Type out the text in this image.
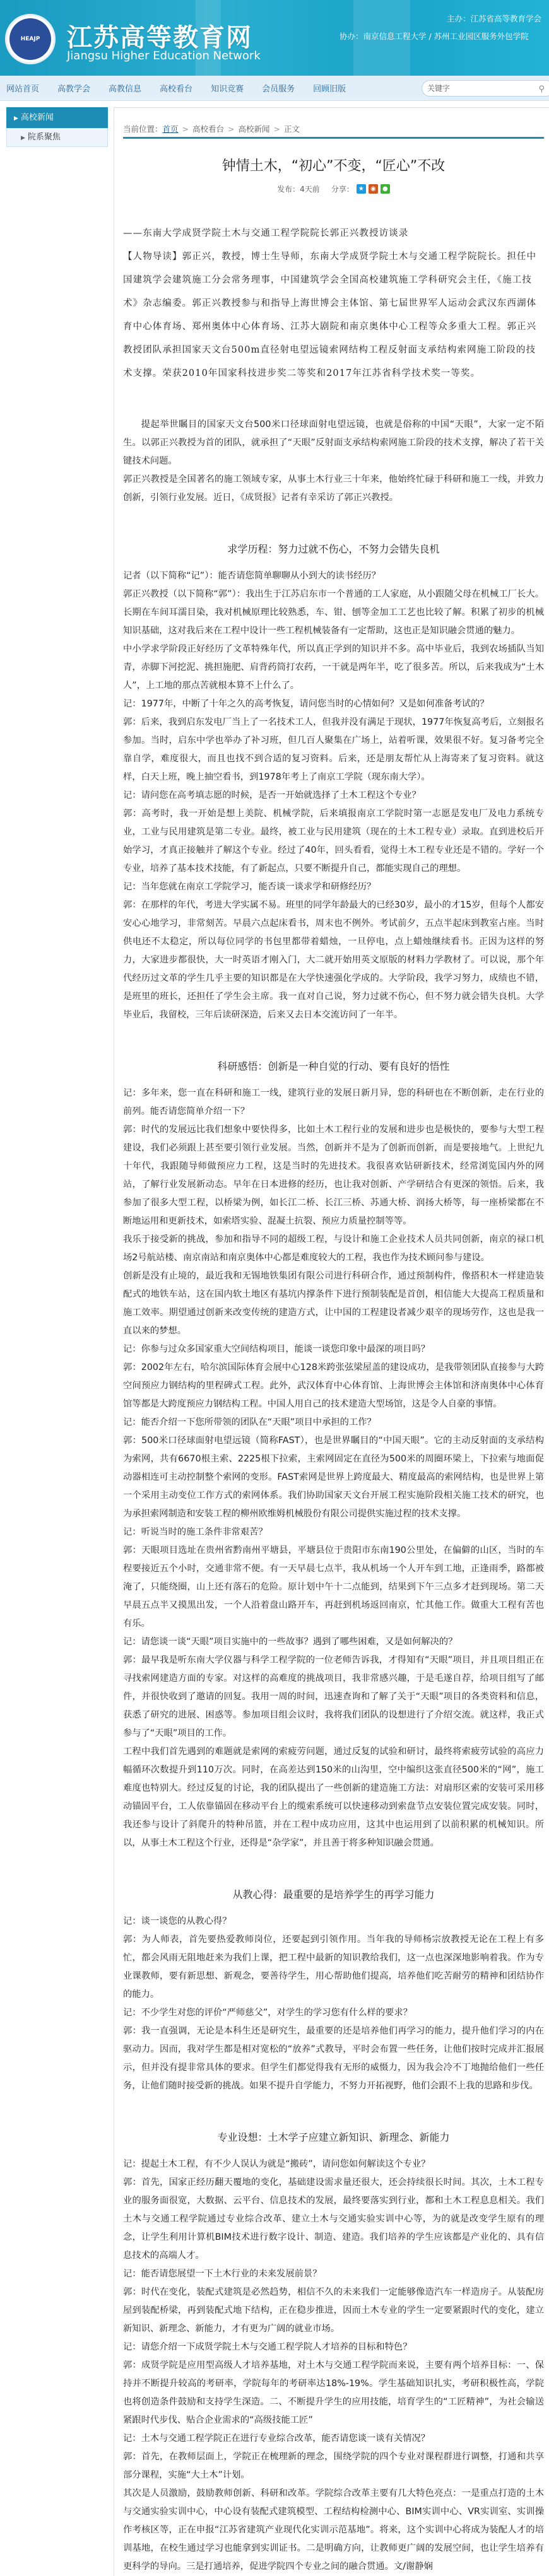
HEAJP	江苏高等教育网
Jiangsu Higher Education Network
主办：江苏省高等教育学会
协办：南京信息工程大学 / 苏州工业园区服务外包学院
网站首页 高教学会 高教信息 高校看台 知识竞赛 会员服务 回顾旧版	关键字	⚲
▶ 高校新闻
▶ 院系聚焦
当前位置：首页 > 高校看台 > 高校新闻 > 正文
钟情土木，“初心”不变，“匠心”不改
发布：4天前 分享： ★	◉	●
——东南大学成贤学院土木与交通工程学院院长郭正兴教授访谈录
【人物导读】郭正兴，教授，博士生导师，东南大学成贤学院土木与交通工程学院院长。担任中国建筑学会建筑施工分会常务理事，中国建筑学会全国高校建筑施工学科研究会主任，《施工技术》杂志编委。郭正兴教授参与和指导上海世博会主体馆、第七届世界军人运动会武汉东西湖体育中心体育场、郑州奥体中心体育场、江苏大剧院和南京奥体中心工程等众多重大工程。郭正兴教授团队承担国家天文台500m直径射电望远镜索网结构工程反射面支承结构索网施工阶段的技术支撑。荣获2010年国家科技进步奖二等奖和2017年江苏省科学技术奖一等奖。
提起举世瞩目的国家天文台500米口径球面射电望远镜，也就是俗称的中国“天眼”，大家一定不陌生。以郭正兴教授为首的团队，就承担了“天眼”反射面支承结构索网施工阶段的技术支撑，解决了若干关键技术问题。
郭正兴教授是全国著名的施工领域专家，从事土木行业三十年来，他始终忙碌于科研和施工一线，并致力创新，引领行业发展。近日，《成贤报》记者有幸采访了郭正兴教授。
求学历程：努力过就不伤心，不努力会错失良机
记者（以下简称“记”）：能否请您简单聊聊从小到大的读书经历？
郭正兴教授（以下简称“郭”）：我出生于江苏启东市一个普通的工人家庭，从小跟随父母在机械工厂长大。长期在车间耳濡目染，我对机械原理比较熟悉，车、钳、刨等金加工工艺也比较了解。积累了初步的机械知识基础，这对我后来在工程中设计一些工程机械装备有一定帮助，这也正是知识融会贯通的魅力。
中小学求学阶段正好经历了文革特殊年代，所以真正学到的知识并不多。高中毕业后，我到农场插队当知青，赤脚下河挖泥、挑担施肥、肩背药筒打农药，一干就是两年半，吃了很多苦。所以，后来我成为“土木人”，上工地的那点苦就根本算不上什么了。
记：1977年，中断了十年之久的高考恢复，请问您当时的心情如何？又是如何准备考试的？
郭：后来，我到启东发电厂当上了一名技术工人，但我并没有满足于现状，1977年恢复高考后，立刻报名参加。当时，启东中学也举办了补习班，但几百人聚集在广场上，站着听课，效果很不好。复习备考完全靠自学，难度很大，而且也找不到合适的复习资料。后来，还是朋友帮忙从上海寄来了复习资料。就这样，白天上班，晚上抽空看书，到1978年考上了南京工学院（现东南大学）。
记：请问您在高考填志愿的时候，是否一开始就选择了土木工程这个专业？
郭：高考时，我一开始是想上美院、机械学院，后来填报南京工学院时第一志愿是发电厂及电力系统专业，工业与民用建筑是第二专业。最终，被工业与民用建筑（现在的土木工程专业）录取。直到进校后开始学习，才真正接触并了解这个专业。经过了40年，回头看看，觉得土木工程专业还是不错的。学好一个专业，培养了基本技术技能，有了新起点，只要不断提升自己，都能实现自己的理想。
记：当年您就在南京工学院学习，能否谈一谈求学和研修经历？
郭：在那样的年代，考进大学实属不易。班里的同学年龄最大的已经30岁，最小的才15岁，但每个人都安安心心地学习，非常刻苦。早晨六点起床看书，周末也不例外。考试前夕，五点半起床到教室占座。当时供电还不太稳定，所以每位同学的书包里都带着蜡烛，一旦停电，点上蜡烛继续看书。正因为这样的努力，大家进步都很快，大一时英语才刚入门，大二就开始用英文原版的材料力学教材了。可以说，那个年代经历过文革的学生几乎主要的知识都是在大学快速强化学成的。大学阶段，我学习努力，成绩也不错，是班里的班长，还担任了学生会主席。我一直对自己说，努力过就不伤心，但不努力就会错失良机。大学毕业后，我留校，三年后读研深造，后来又去日本交流访问了一年半。
科研感悟：创新是一种自觉的行动、要有良好的悟性
记：多年来，您一直在科研和施工一线，建筑行业的发展日新月异，您的科研也在不断创新，走在行业的前列。能否请您简单介绍一下？
郭：时代的发展远比我们想象中要快得多，比如土木工程行业的发展和进步也是极快的，要参与大型工程建设，我们必须跟上甚至要引领行业发展。当然，创新并不是为了创新而创新，而是要接地气。上世纪九十年代，我跟随导师做预应力工程，这是当时的先进技术。我很喜欢钻研新技术，经常浏览国内外的网站，了解行业发展新动态。早年在日本进修的经历，也让我对创新、产学研结合有更深的领悟。后来，我参加了很多大型工程，以桥梁为例，如长江二桥、长江三桥、苏通大桥、润扬大桥等，每一座桥梁都在不断地运用和更新技术，如索塔实验、混凝土抗裂、预应力质量控制等等。
我乐于接受新的挑战，参加和指导不同的超级工程，与设计和施工企业技术人员共同创新，南京的禄口机场2号航站楼、南京南站和南京奥体中心都是难度较大的工程，我也作为技术顾问参与建设。
创新是没有止境的，最近我和无锡地铁集团有限公司进行科研合作，通过预制构件，像搭积木一样建造装配式的地铁车站，这在国内软土地区有基坑内撑条件下进行预制装配是首创，相信能大大提高工程质量和施工效率。期望通过创新来改变传统的建造方式，让中国的工程建设者减少艰辛的现场劳作，这也是我一直以来的梦想。
记：你参与过众多国家重大空间结构项目，能谈一谈您印象中最深的项目吗？
郭：2002年左右，哈尔滨国际体育会展中心128米跨张弦梁屋盖的建设成功，是我带领团队直接参与大跨空间预应力钢结构的里程碑式工程。此外，武汉体育中心体育馆、上海世博会主体馆和济南奥体中心体育馆等都是大跨度预应力钢结构工程。中国人用自己的技术建造大型场馆，这是令人自豪的事情。
记：能否介绍一下您所带领的团队在“天眼”项目中承担的工作？
郭：500米口径球面射电望远镜（简称FAST），也是世界瞩目的“中国天眼”。它的主动反射面的支承结构为索网，共有6670根主索、2225根下拉索，主索网固定在直径为500米的周圈环梁上，下拉索与地面促动器相连可主动控制整个索网的变形。FAST索网是世界上跨度最大、精度最高的索网结构，也是世界上第一个采用主动变位工作方式的索网体系。我们协助国家天文台开展工程实施阶段相关施工技术的研究，也为承担索网制造和安装工程的柳州欧维姆机械股份有限公司提供实施过程的技术支撑。
记：听说当时的施工条件非常艰苦？
郭：天眼项目选址在贵州省黔南州平塘县，平塘县位于贵阳市东南190公里处，在偏僻的山区，当时的车程要接近五个小时，交通非常不便。有一天早晨七点半，我从机场一个人开车到工地，正逢雨季，路都被淹了，只能绕圈，山上还有落石的危险。原计划中午十二点能到，结果到下午三点多才赶到现场。第二天早晨五点半又摸黑出发，一个人沿着盘山路开车，再赶到机场返回南京，忙其他工作。做重大工程有苦也有乐。
记：请您谈一谈“天眼”项目实施中的一些故事？遇到了哪些困难，又是如何解决的？
郭：最早我是听东南大学仪器与科学工程学院的一位老师告诉我，才得知有“天眼”项目，并且项目组正在寻找索网建造方面的专家。对这样的高难度的挑战项目，我非常感兴趣，于是毛遂自荐，给项目组写了邮件，并很快收到了邀请的回复。我用一周的时间，迅速查询和了解了关于“天眼”项目的各类资料和信息，获悉了研究的进展、困惑等。参加项目组会议时，我将我们团队的设想进行了介绍交流。就这样，我正式参与了“天眼”项目的工作。
工程中我们首先遇到的难题就是索网的索疲劳问题，通过反复的试验和研讨，最终将索疲劳试验的高应力幅循环次数提升到110万次。同时，在高差达到150米的山沟里，空中编织这张直径500米的“网”，施工难度也特别大。经过反复的讨论，我的团队提出了一些创新的建造施工方法：对扇形区索的安装可采用移动锚固平台，工人依靠锚固在移动平台上的缆索系统可以快速移动到索盘节点安装位置完成安装。同时，我还参与设计了斜爬升的特种吊篮，并在工程中成功应用，这其中也运用到了以前积累的机械知识。所以，从事土木工程这个行业，还得是“杂学家”，并且善于将多种知识融会贯通。
从教心得：最重要的是培养学生的再学习能力
记：谈一谈您的从教心得？
郭：为人师表，首先要热爱教师岗位，还要起到引领作用。当年我的导师杨宗放教授无论在工程上有多忙，都会风雨无阻地赶来为我们上课，把工程中最新的知识教给我们，这一点也深深地影响着我。作为专业课教师，要有新思想、新观念，要善待学生，用心帮助他们提高，培养他们吃苦耐劳的精神和团结协作的能力。
记：不少学生对您的评价“严师慈父”，对学生的学习您有什么样的要求？
郭：我一直强调，无论是本科生还是研究生，最重要的还是培养他们再学习的能力，提升他们学习的内在驱动力。因而，我对学生都是相对宽松的“放养”式教导，平时会布置一些任务，让他们按时完成并汇报展示，但并没有提非常具体的要求。但学生们都觉得我有无形的威慑力，因为我会冷不丁地抛给他们一些任务，让他们随时接受新的挑战。如果不提升自学能力，不努力开拓视野，他们会跟不上我的思路和步伐。
专业设想：土木学子应建立新知识、新理念、新能力
记：提起土木工程，有不少人误认为就是“搬砖”，请问您如何解读这个专业？
郭：首先，国家正经历翻天覆地的变化，基础建设需求量还很大，还会持续很长时间。其次，土木工程专业的服务面很宽，大数据、云平台、信息技术的发展，最终要落实到行业，都和土木工程息息相关。我们土木与交通工程学院通过专业综合改革、建立土木与交通实验实训中心等，为的就是改变学生原有的理念，让学生利用计算机BIM技术进行数字设计、制造、建造。我们培养的学生应该都是产业化的、具有信息技术的高端人才。
记：能否请您展望一下土木行业的未来发展前景？
郭：时代在变化，装配式建筑是必然趋势，相信不久的未来我们一定能够像造汽车一样造房子。从装配房屋到装配桥梁，再到装配式地下结构，正在稳步推进，因而土木专业的学生一定要紧跟时代的变化，建立新知识、新理念、新能力，才有更为广阔的就业市场。
记：请您介绍一下成贤学院土木与交通工程学院人才培养的目标和特色？
郭：成贤学院是应用型高级人才培养基地，对土木与交通工程学院而来说，主要有两个培养目标：一、保持并不断提升较高的考研率，学院每年的考研率达18%-19%。学生基础知识扎实，考研积极性高，学院也将创造条件鼓励和支持学生深造。二、不断提升学生的应用技能，培育学生的“工匠精神”，为社会输送紧跟时代步伐、贴合企业需求的“高级技能工匠”
记：土木与交通工程学院正在进行专业综合改革，能否请您谈一谈有关情况？
郭：首先，在教师层面上，学院正在梳理新的理念，围绕学院的四个专业对课程群进行调整，打通和共享部分课程，实施“大土木”计划。
其次是人员激励，鼓励教师创新、科研和改革。学院综合改革主要有几大特色亮点：一是重点打造的土木与交通实验实训中心，中心设有装配式建筑模型、工程结构检测中心、BIM实训中心、VR实训室、实训操作考核区等，正在申报“江苏省建筑产业现代化实训示范基地”。将来，这个实训中心将成为装配人才的培训基地，在校生通过学习也能拿到实训证书。二是明确方向，让教师更广阔的发展空间，也让学生培养有更科学的导向。三是打通培养，促进学院四个专业之间的融合贯通。文/谢静娴
